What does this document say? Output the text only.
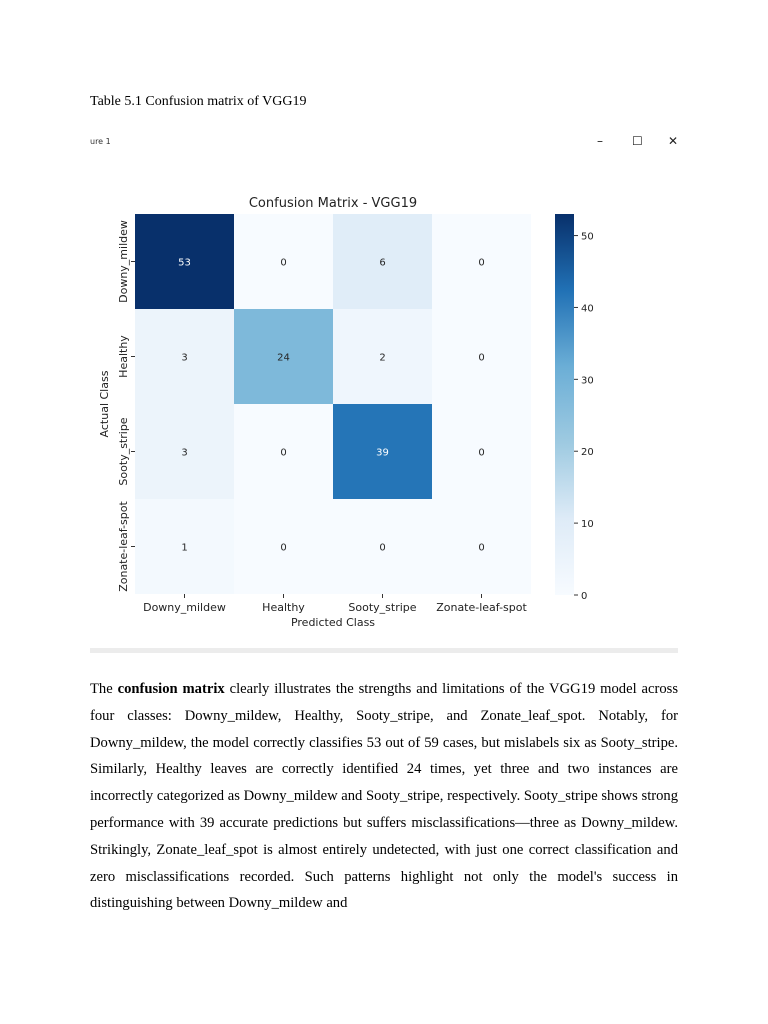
Table 5.1 Confusion matrix of VGG19
ure 1	– ☐ ✕
Confusion Matrix - VGG19
53	0	6	0
3	24	2	0
3	0	39	0
1	0	0	0
Downy_mildew	Healthy	Sooty_stripe Zonate-leaf-spot
Downy_mildew
Healthy
Sooty_stripe
Zonate-leaf-spot
Predicted Class
Actual Class
0
10
20
30
40
50
The confusion matrix clearly illustrates the strengths and limitations of the VGG19 model across four classes: Downy_mildew, Healthy, Sooty_stripe, and Zonate_leaf_spot. Notably, for Downy_mildew, the model correctly classifies 53 out of 59 cases, but mislabels six as Sooty_stripe. Similarly, Healthy leaves are correctly identified 24 times, yet three and two instances are incorrectly categorized as Downy_mildew and Sooty_stripe, respectively. Sooty_stripe shows strong performance with 39 accurate predictions but suffers misclassifications—three as Downy_mildew. Strikingly, Zonate_leaf_spot is almost entirely undetected, with just one correct classification and zero misclassifications recorded. Such patterns highlight not only the model's success in distinguishing between Downy_mildew and
